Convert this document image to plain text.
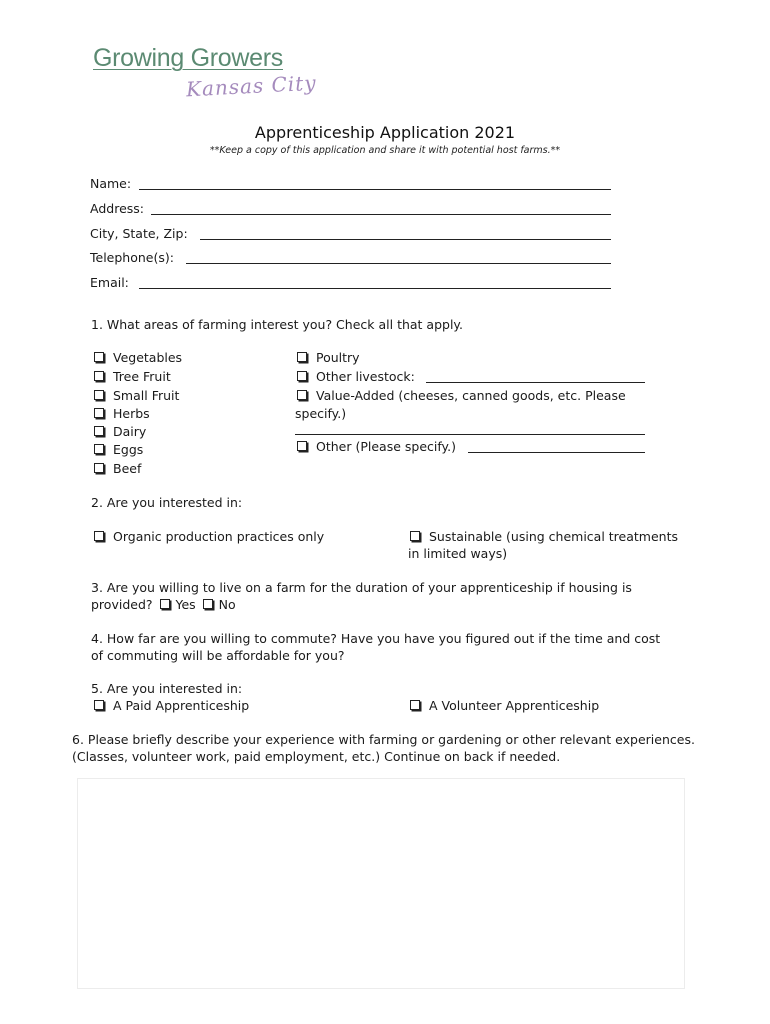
Growing Growers
Kansas City
Apprenticeship Application 2021
**Keep a copy of this application and share it with potential host farms.**
Name:
Address:
City, State, Zip:
Telephone(s):
Email:
1. What areas of farming interest you? Check all that apply.
Vegetables
Tree Fruit
Small Fruit
Herbs
Dairy
Eggs
Beef
Poultry
Other livestock:
Value-Added (cheeses, canned goods, etc. Please
specify.)
Other (Please specify.)
2. Are you interested in:
Organic production practices only	Sustainable (using chemical treatments
in limited ways)
3. Are you willing to live on a farm for the duration of your apprenticeship if housing is
provided? Yes No
4. How far are you willing to commute? Have you have you figured out if the time and cost
of commuting will be affordable for you?
5. Are you interested in:
A Paid Apprenticeship	A Volunteer Apprenticeship
6. Please briefly describe your experience with farming or gardening or other relevant experiences.
(Classes, volunteer work, paid employment, etc.) Continue on back if needed.
